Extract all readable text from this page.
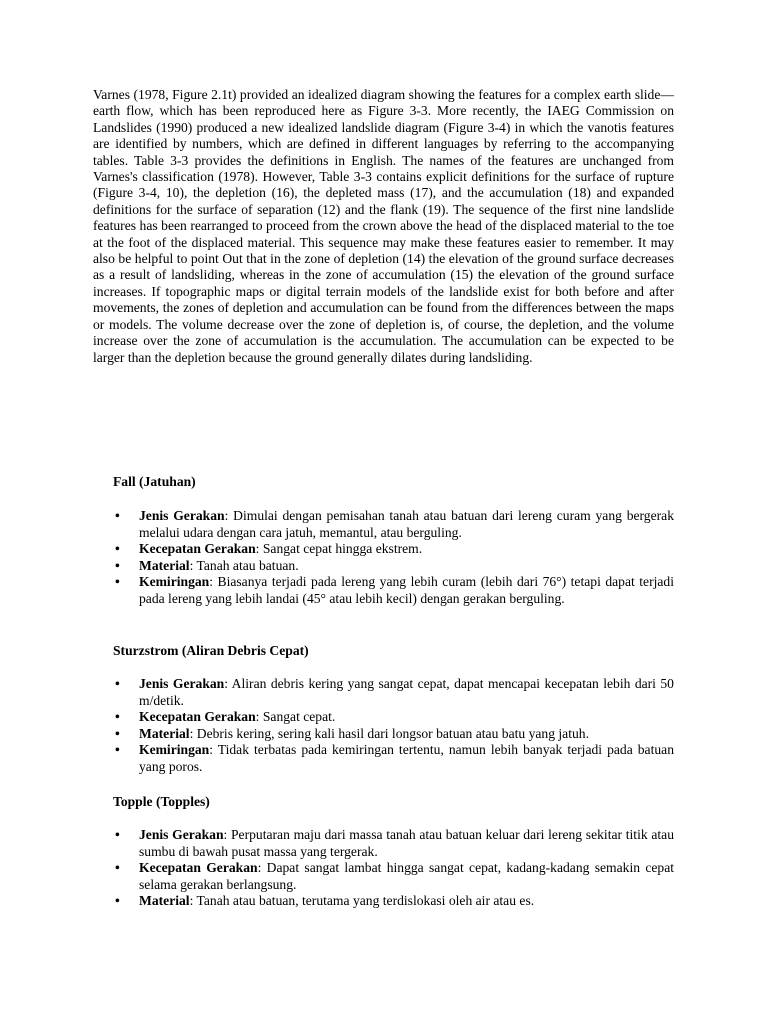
Varnes (1978, Figure 2.1t) provided an idealized diagram showing the features for a complex earth slide—earth flow, which has been reproduced here as Figure 3-3. More recently, the IAEG Commission on Landslides (1990) produced a new idealized landslide diagram (Figure 3-4) in which the vanotis features are identified by numbers, which are defined in different languages by referring to the accompanying tables. Table 3-3 provides the definitions in English. The names of the features are unchanged from Varnes's classification (1978). However, Table 3-3 contains explicit definitions for the surface of rupture (Figure 3-4, 10), the depletion (16), the depleted mass (17), and the accumulation (18) and expanded definitions for the surface of separation (12) and the flank (19). The sequence of the first nine landslide features has been rearranged to proceed from the crown above the head of the displaced material to the toe at the foot of the displaced material. This sequence may make these features easier to remember. It may also be helpful to point Out that in the zone of depletion (14) the elevation of the ground surface decreases as a result of landsliding, whereas in the zone of accumulation (15) the elevation of the ground surface increases. If topographic maps or digital terrain models of the landslide exist for both before and after movements, the zones of depletion and accumulation can be found from the differences between the maps or models. The volume decrease over the zone of depletion is, of course, the depletion, and the volume increase over the zone of accumulation is the accumulation. The accumulation can be expected to be larger than the depletion because the ground generally dilates during landsliding.

Fall (Jatuhan)
•	Jenis Gerakan: Dimulai dengan pemisahan tanah atau batuan dari lereng curam yang bergerak melalui udara dengan cara jatuh, memantul, atau berguling.
•	Kecepatan Gerakan: Sangat cepat hingga ekstrem.
•	Material: Tanah atau batuan.
•	Kemiringan: Biasanya terjadi pada lereng yang lebih curam (lebih dari 76°) tetapi dapat terjadi pada lereng yang lebih landai (45° atau lebih kecil) dengan gerakan berguling.
Sturzstrom (Aliran Debris Cepat)
•	Jenis Gerakan: Aliran debris kering yang sangat cepat, dapat mencapai kecepatan lebih dari 50 m/detik.
•	Kecepatan Gerakan: Sangat cepat.
•	Material: Debris kering, sering kali hasil dari longsor batuan atau batu yang jatuh.
•	Kemiringan: Tidak terbatas pada kemiringan tertentu, namun lebih banyak terjadi pada batuan yang poros.
Topple (Topples)
•	Jenis Gerakan: Perputaran maju dari massa tanah atau batuan keluar dari lereng sekitar titik atau sumbu di bawah pusat massa yang tergerak.
•	Kecepatan Gerakan: Dapat sangat lambat hingga sangat cepat, kadang-kadang semakin cepat selama gerakan berlangsung.
•	Material: Tanah atau batuan, terutama yang terdislokasi oleh air atau es.
